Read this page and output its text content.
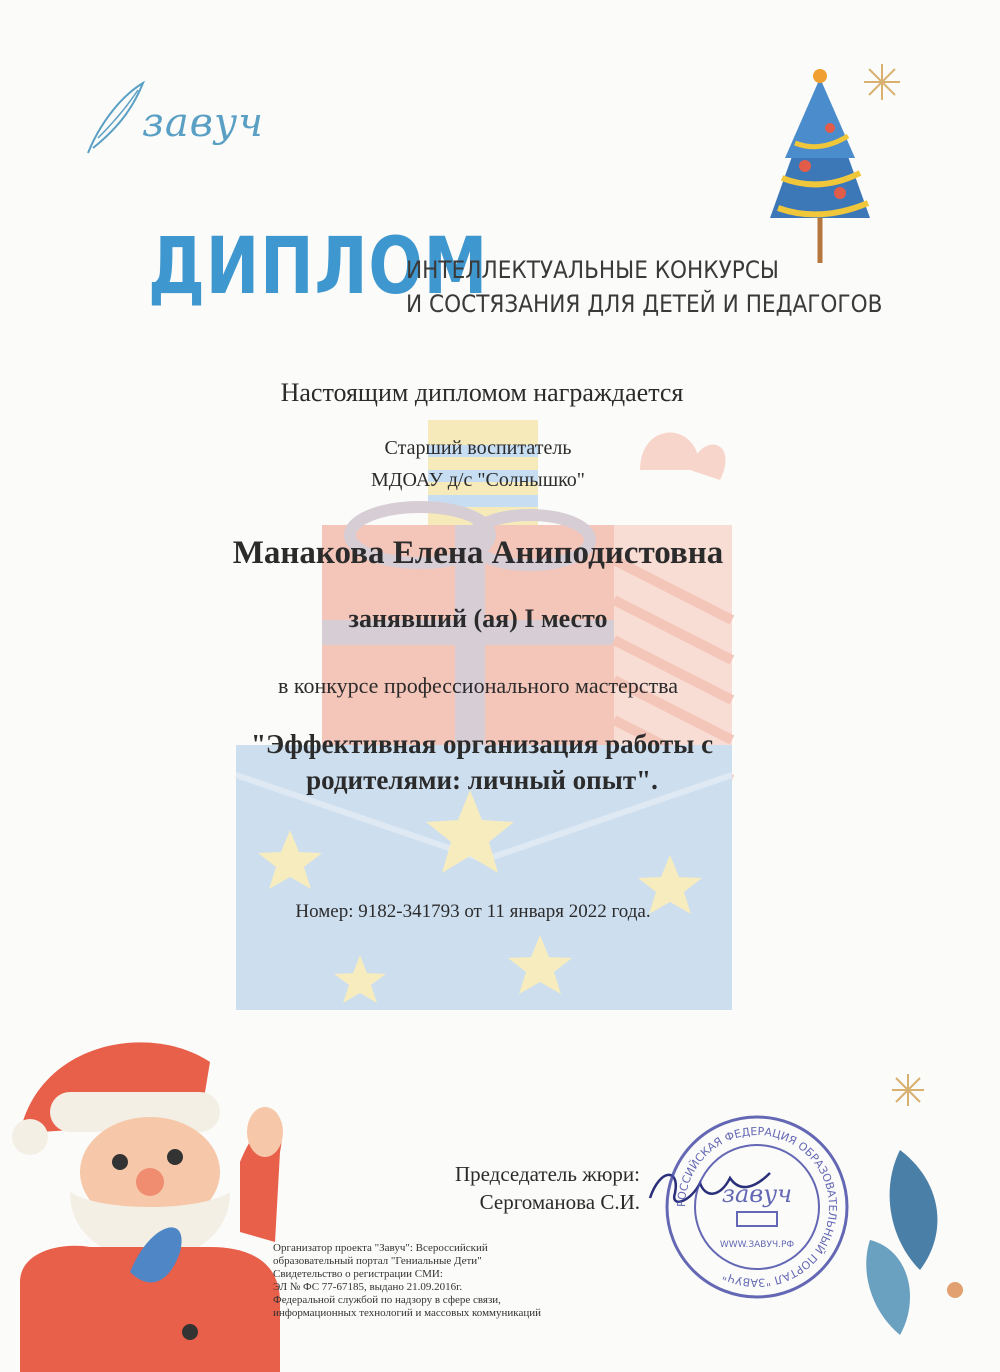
завуч
ДИПЛОМ
ИНТЕЛЛЕКТУАЛЬНЫЕ КОНКУРСЫ
И СОСТЯЗАНИЯ ДЛЯ ДЕТЕЙ И ПЕДАГОГОВ
Настоящим дипломом награждается
Старший воспитатель
МДОАУ д/с "Солнышко"
Манакова Елена Аниподистовна
занявший (ая) I место
в конкурсе профессионального мастерства
"Эффективная организация работы с родителями: личный опыт".
Номер: 9182-341793 от 11 января 2022 года.
Председатель жюри:
Сергоманова С.И.	РОССИЙСКАЯ ФЕДЕРАЦИЯ ОБРАЗОВАТЕЛЬНЫЙ ПОРТАЛ "ЗАВУЧ"
завуч
WWW.ЗАВУЧ.РФ
Организатор проекта "Завуч": Всероссийский
образовательный портал "Гениальные Дети"
Свидетельство о регистрации СМИ:
ЭЛ № ФС 77-67185, выдано 21.09.2016г.
Федеральной службой по надзору в сфере связи,
информационных технологий и массовых коммуникаций
